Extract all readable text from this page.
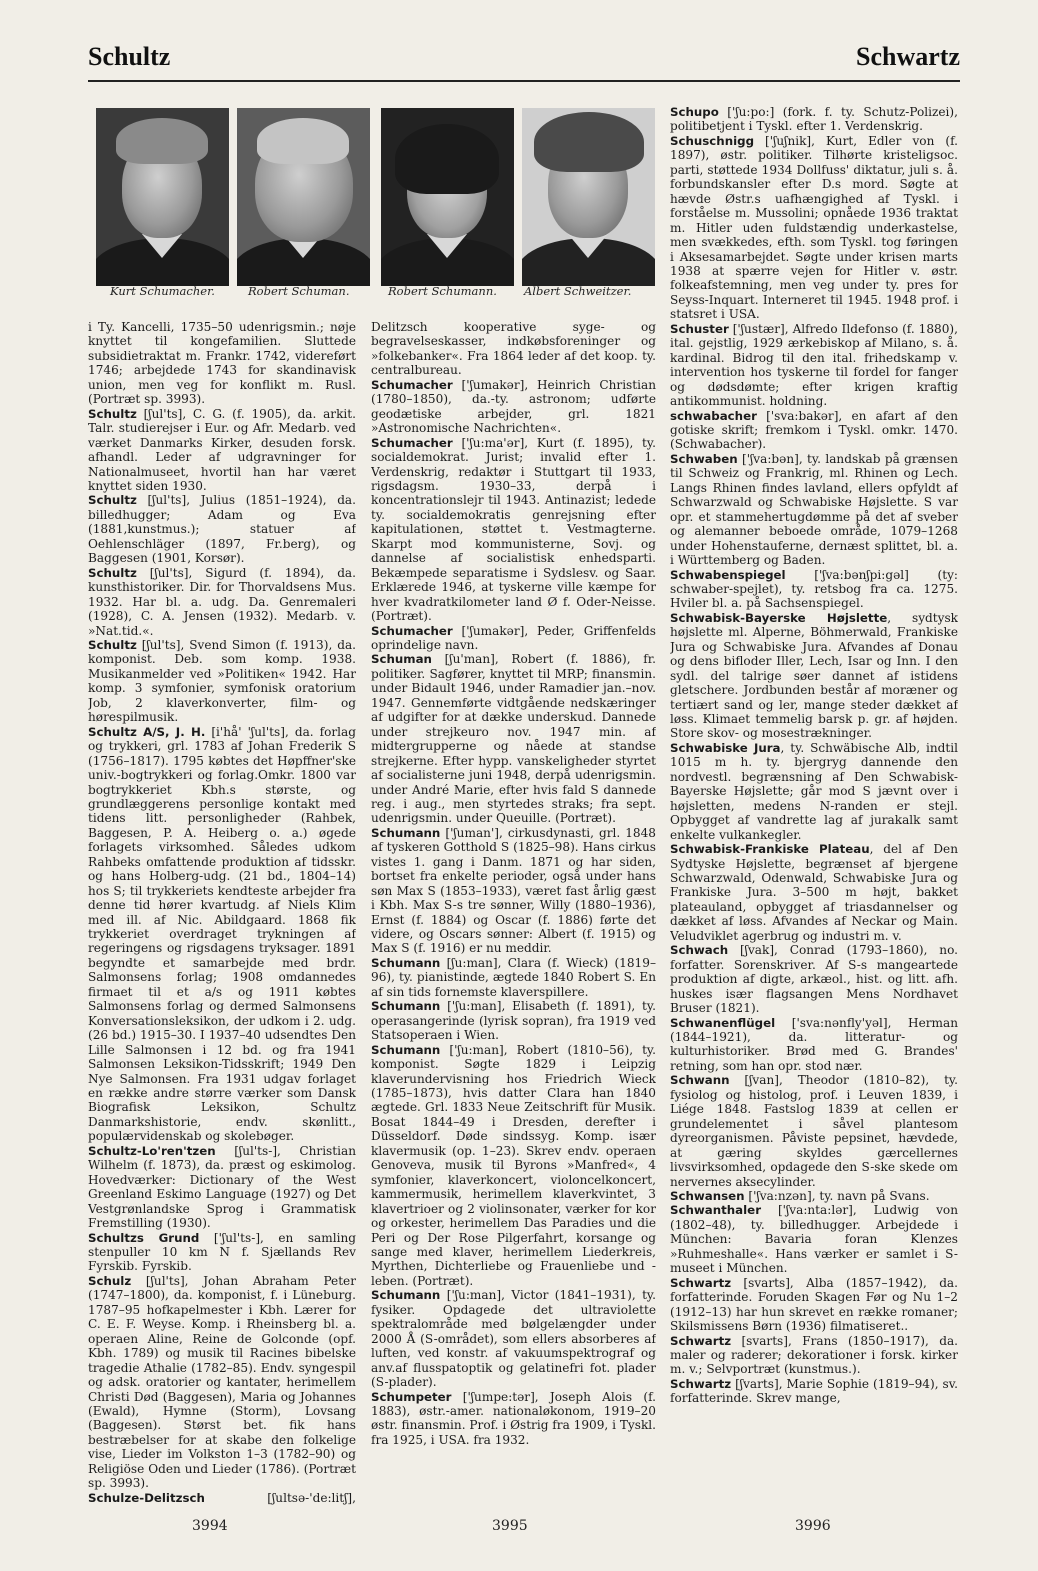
Schultz	Schwartz
Kurt Schumacher.	Robert Schuman.	Robert Schumann. Albert Schweitzer.

i Ty. Kancelli, 1735–50 udenrigsmin.; nøje knyttet til kongefamilien. Sluttede subsidietraktat m. Frankr. 1742, videreført 1746; arbejdede 1743 for skandinavisk union, men veg for konflikt m. Rusl. (Portræt sp. 3993).

Schultz [ʃul'ts], C. G. (f. 1905), da. arkit. Talr. studierejser i Eur. og Afr. Medarb. ved værket Danmarks Kirker, desuden forsk. afhandl. Leder af udgravninger for Nationalmuseet, hvortil han har været knyttet siden 1930.

Schultz [ʃul'ts], Julius (1851–1924), da. billedhugger; Adam og Eva (1881,kunstmus.); statuer af Oehlenschläger (1897, Fr.berg), og Baggesen (1901, Korsør).

Schultz [ʃul'ts], Sigurd (f. 1894), da. kunsthistoriker. Dir. for Thorvaldsens Mus. 1932. Har bl. a. udg. Da. Genremaleri (1928), C. A. Jensen (1932). Medarb. v. »Nat.tid.«.

Schultz [ʃul'ts], Svend Simon (f. 1913), da. komponist. Deb. som komp. 1938. Musikanmelder ved »Politiken« 1942. Har komp. 3 symfonier, symfonisk oratorium Job, 2 klaverkonverter, film- og hørespilmusik.

Schultz A/S, J. H. [i'hå' 'ʃul'ts], da. forlag og trykkeri, grl. 1783 af Johan Frederik S (1756–1817). 1795 købtes det Høpffner'ske univ.-bogtrykkeri og forlag.Omkr. 1800 var bogtrykkeriet Kbh.s største, og grundlæggerens personlige kontakt med tidens litt. personligheder (Rahbek, Baggesen, P. A. Heiberg o. a.) øgede forlagets virksomhed. Således udkom Rahbeks omfattende produktion af tidsskr. og hans Holberg-udg. (21 bd., 1804–14) hos S; til trykkeriets kendteste arbejder fra denne tid hører kvartudg. af Niels Klim med ill. af Nic. Abildgaard. 1868 fik trykkeriet overdraget trykningen af regeringens og rigsdagens tryksager. 1891 begyndte et samarbejde med brdr. Salmonsens forlag; 1908 omdannedes firmaet til et a/s og 1911 købtes Salmonsens forlag og dermed Salmonsens Konversationsleksikon, der udkom i 2. udg. (26 bd.) 1915–30. I 1937–40 udsendtes Den Lille Salmonsen i 12 bd. og fra 1941 Salmonsen Leksikon-Tidsskrift; 1949 Den Nye Salmonsen. Fra 1931 udgav forlaget en række andre større værker som Dansk Biografisk Leksikon, Schultz Danmarkshistorie, endv. skønlitt., populærvidenskab og skolebøger.

Schultz-Lo'ren'tzen [ʃul'ts-], Christian Wilhelm (f. 1873), da. præst og eskimolog. Hovedværker: Dictionary of the West Greenland Eskimo Language (1927) og Det Vestgrønlandske Sprog i Grammatisk Fremstilling (1930).

Schultzs Grund ['ʃul'ts-], en samling stenpuller 10 km N f. Sjællands Rev Fyrskib. Fyrskib.

Schulz [ʃul'ts], Johan Abraham Peter (1747–1800), da. komponist, f. i Lüneburg. 1787–95 hofkapelmester i Kbh. Lærer for C. E. F. Weyse. Komp. i Rheinsberg bl. a. operaen Aline, Reine de Golconde (opf. Kbh. 1789) og musik til Racines bibelske tragedie Athalie (1782–85). Endv. syngespil og adsk. oratorier og kantater, herimellem Christi Død (Baggesen), Maria og Johannes (Ewald), Hymne (Storm), Lovsang (Baggesen). Størst bet. fik hans bestræbelser for at skabe den folkelige vise, Lieder im Volkston 1–3 (1782–90) og Religiöse Oden und Lieder (1786). (Portræt sp. 3993).

Schulze-Delitzsch	[ʃultsə-'de:litʃ],

Delitzsch kooperative syge- og begravelseskasser, indkøbsforeninger og »folkebanker«. Fra 1864 leder af det koop. ty. centralbureau.

Schumacher ['ʃumakər], Heinrich Christian (1780–1850), da.-ty. astronom; udførte geodætiske arbejder, grl. 1821 »Astronomische Nachrichten«.

Schumacher ['ʃu:ma'ər], Kurt (f. 1895), ty. socialdemokrat. Jurist; invalid efter 1. Verdenskrig, redaktør i Stuttgart til 1933, rigsdagsm. 1930–33, derpå i koncentrationslejr til 1943. Antinazist; ledede ty. socialdemokratis genrejsning efter kapitulationen, støttet t. Vestmagterne. Skarpt mod kommunisterne, Sovj. og dannelse af socialistisk enhedsparti. Bekæmpede separatisme i Sydslesv. og Saar. Erklærede 1946, at tyskerne ville kæmpe for hver kvadratkilometer land Ø f. Oder-Neisse. (Portræt).

Schumacher ['ʃumakər], Peder, Griffenfelds oprindelige navn.

Schuman [ʃu'man], Robert (f. 1886), fr. politiker. Sagfører, knyttet til MRP; finansmin. under Bidault 1946, under Ramadier jan.–nov. 1947. Gennemførte vidtgående nedskæringer af udgifter for at dække underskud. Dannede under strejkeuro nov. 1947 min. af midtergrupperne og nåede at standse strejkerne. Efter hypp. vanskeligheder styrtet af socialisterne juni 1948, derpå udenrigsmin. under André Marie, efter hvis fald S dannede reg. i aug., men styrtedes straks; fra sept. udenrigsmin. under Queuille. (Portræt).

Schumann ['ʃuman'], cirkusdynasti, grl. 1848 af tyskeren Gotthold S (1825–98). Hans cirkus vistes 1. gang i Danm. 1871 og har siden, bortset fra enkelte perioder, også under hans søn Max S (1853–1933), været fast årlig gæst i Kbh. Max S-s tre sønner, Willy (1880–1936), Ernst (f. 1884) og Oscar (f. 1886) førte det videre, og Oscars sønner: Albert (f. 1915) og Max S (f. 1916) er nu meddir.

Schumann [ʃu:man], Clara (f. Wieck) (1819–96), ty. pianistinde, ægtede 1840 Robert S. En af sin tids fornemste klaverspillere.

Schumann ['ʃu:man], Elisabeth (f. 1891), ty. operasangerinde (lyrisk sopran), fra 1919 ved Statsoperaen i Wien.

Schumann ['ʃu:man], Robert (1810–56), ty. komponist. Søgte 1829 i Leipzig klaverundervisning hos Friedrich Wieck (1785–1873), hvis datter Clara han 1840 ægtede. Grl. 1833 Neue Zeitschrift für Musik. Bosat 1844–49 i Dresden, derefter i Düsseldorf. Døde sindssyg. Komp. især klavermusik (op. 1–23). Skrev endv. operaen Genoveva, musik til Byrons »Manfred«, 4 symfonier, klaverkoncert, violoncelkoncert, kammermusik, herimellem klaverkvintet, 3 klavertrioer og 2 violinsonater, værker for kor og orkester, herimellem Das Paradies und die Peri og Der Rose Pilgerfahrt, korsange og sange med klaver, herimellem Liederkreis, Myrthen, Dichterliebe og Frauenliebe und -leben. (Portræt).

Schumann ['ʃu:man], Victor (1841–1931), ty. fysiker. Opdagede det ultraviolette spektralområde med bølgelængder under 2000 Å (S-området), som ellers absorberes af luften, ved konstr. af vakuumspektrograf og anv.af flusspatoptik og gelatinefri fot. plader (S-plader).

Schumpeter ['ʃumpe:tər], Joseph Alois (f. 1883), østr.-amer. nationaløkonom, 1919–20 østr. finansmin. Prof. i Østrig fra 1909, i Tyskl. fra 1925, i USA. fra 1932.

Schupo ['ʃu:po:] (fork. f. ty. Schutz-Polizei), politibetjent i Tyskl. efter 1. Verdenskrig.

Schuschnigg ['ʃuʃnik], Kurt, Edler von (f. 1897), østr. politiker. Tilhørte kristeligsoc. parti, støttede 1934 Dollfuss' diktatur, juli s. å. forbundskansler efter D.s mord. Søgte at hævde Østr.s uafhængighed af Tyskl. i forståelse m. Mussolini; opnåede 1936 traktat m. Hitler uden fuldstændig underkastelse, men svækkedes, efth. som Tyskl. tog føringen i Aksesamarbejdet. Søgte under krisen marts 1938 at spærre vejen for Hitler v. østr. folkeafstemning, men veg under ty. pres for Seyss-Inquart. Interneret til 1945. 1948 prof. i statsret i USA.

Schuster ['ʃustær], Alfredo Ildefonso (f. 1880), ital. gejstlig, 1929 ærkebiskop af Milano, s. å. kardinal. Bidrog til den ital. frihedskamp v. intervention hos tyskerne til fordel for fanger og dødsdømte; efter krigen kraftig antikommunist. holdning.

schwabacher ['sva:bakər], en afart af den gotiske skrift; fremkom i Tyskl. omkr. 1470. (Schwabacher).

Schwaben ['ʃva:bən], ty. landskab på grænsen til Schweiz og Frankrig, ml. Rhinen og Lech. Langs Rhinen findes lavland, ellers opfyldt af Schwarzwald og Schwabiske Højslette. S var opr. et stammehertugdømme på det af sveber og alemanner beboede område, 1079–1268 under Hohenstauferne, dernæst splittet, bl. a. i Württemberg og Baden.

Schwabenspiegel ['ʃva:bənʃpi:gəl] (ty: schwaber-spejlet), ty. retsbog fra ca. 1275. Hviler bl. a. på Sachsenspiegel.

Schwabisk-Bayerske Højslette, sydtysk højslette ml. Alperne, Böhmerwald, Frankiske Jura og Schwabiske Jura. Afvandes af Donau og dens bifloder Iller, Lech, Isar og Inn. I den sydl. del talrige søer dannet af istidens gletschere. Jordbunden består af moræner og tertiært sand og ler, mange steder dækket af løss. Klimaet temmelig barsk p. gr. af højden. Store skov- og mosestrækninger.

Schwabiske Jura, ty. Schwäbische Alb, indtil 1015 m h. ty. bjergryg dannende den nordvestl. begrænsning af Den Schwabisk-Bayerske Højslette; går mod S jævnt over i højsletten, medens N-randen er stejl. Opbygget af vandrette lag af jurakalk samt enkelte vulkankegler.

Schwabisk-Frankiske Plateau, del af Den Sydtyske Højslette, begrænset af bjergene Schwarzwald, Odenwald, Schwabiske Jura og Frankiske Jura. 3–500 m højt, bakket plateauland, opbygget af triasdannelser og dækket af løss. Afvandes af Neckar og Main. Veludviklet agerbrug og industri m. v.

Schwach [ʃvak], Conrad (1793–1860), no. forfatter. Sorenskriver. Af S-s mangeartede produktion af digte, arkæol., hist. og litt. afh. huskes især flagsangen Mens Nordhavet Bruser (1821).

Schwanenflügel ['sva:nənfly'yəl], Herman (1844–1921), da. litteratur- og kulturhistoriker. Brød med G. Brandes' retning, som han opr. stod nær.

Schwann [ʃvan], Theodor (1810–82), ty. fysiolog og histolog, prof. i Leuven 1839, i Liége 1848. Fastslog 1839 at cellen er grundelementet i såvel plantesom dyreorganismen. Påviste pepsinet, hævdede, at gæring skyldes gærcellernes livsvirksomhed, opdagede den S-ske skede om nervernes aksecylinder.

Schwansen ['ʃva:nzən], ty. navn på Svans.

Schwanthaler ['ʃva:nta:lər], Ludwig von (1802–48), ty. billedhugger. Arbejdede i München: Bavaria foran Klenzes »Ruhmeshalle«. Hans værker er samlet i S-museet i München.

Schwartz [svarts], Alba (1857–1942), da. forfatterinde. Foruden Skagen Før og Nu 1–2 (1912–13) har hun skrevet en række romaner; Skilsmissens Børn (1936) filmatiseret..

Schwartz [svarts], Frans (1850–1917), da. maler og raderer; dekorationer i forsk. kirker m. v.; Selvportræt (kunstmus.).

Schwartz [ʃvarts], Marie Sophie (1819–94), sv. forfatterinde. Skrev mange,

3994	3995	3996
